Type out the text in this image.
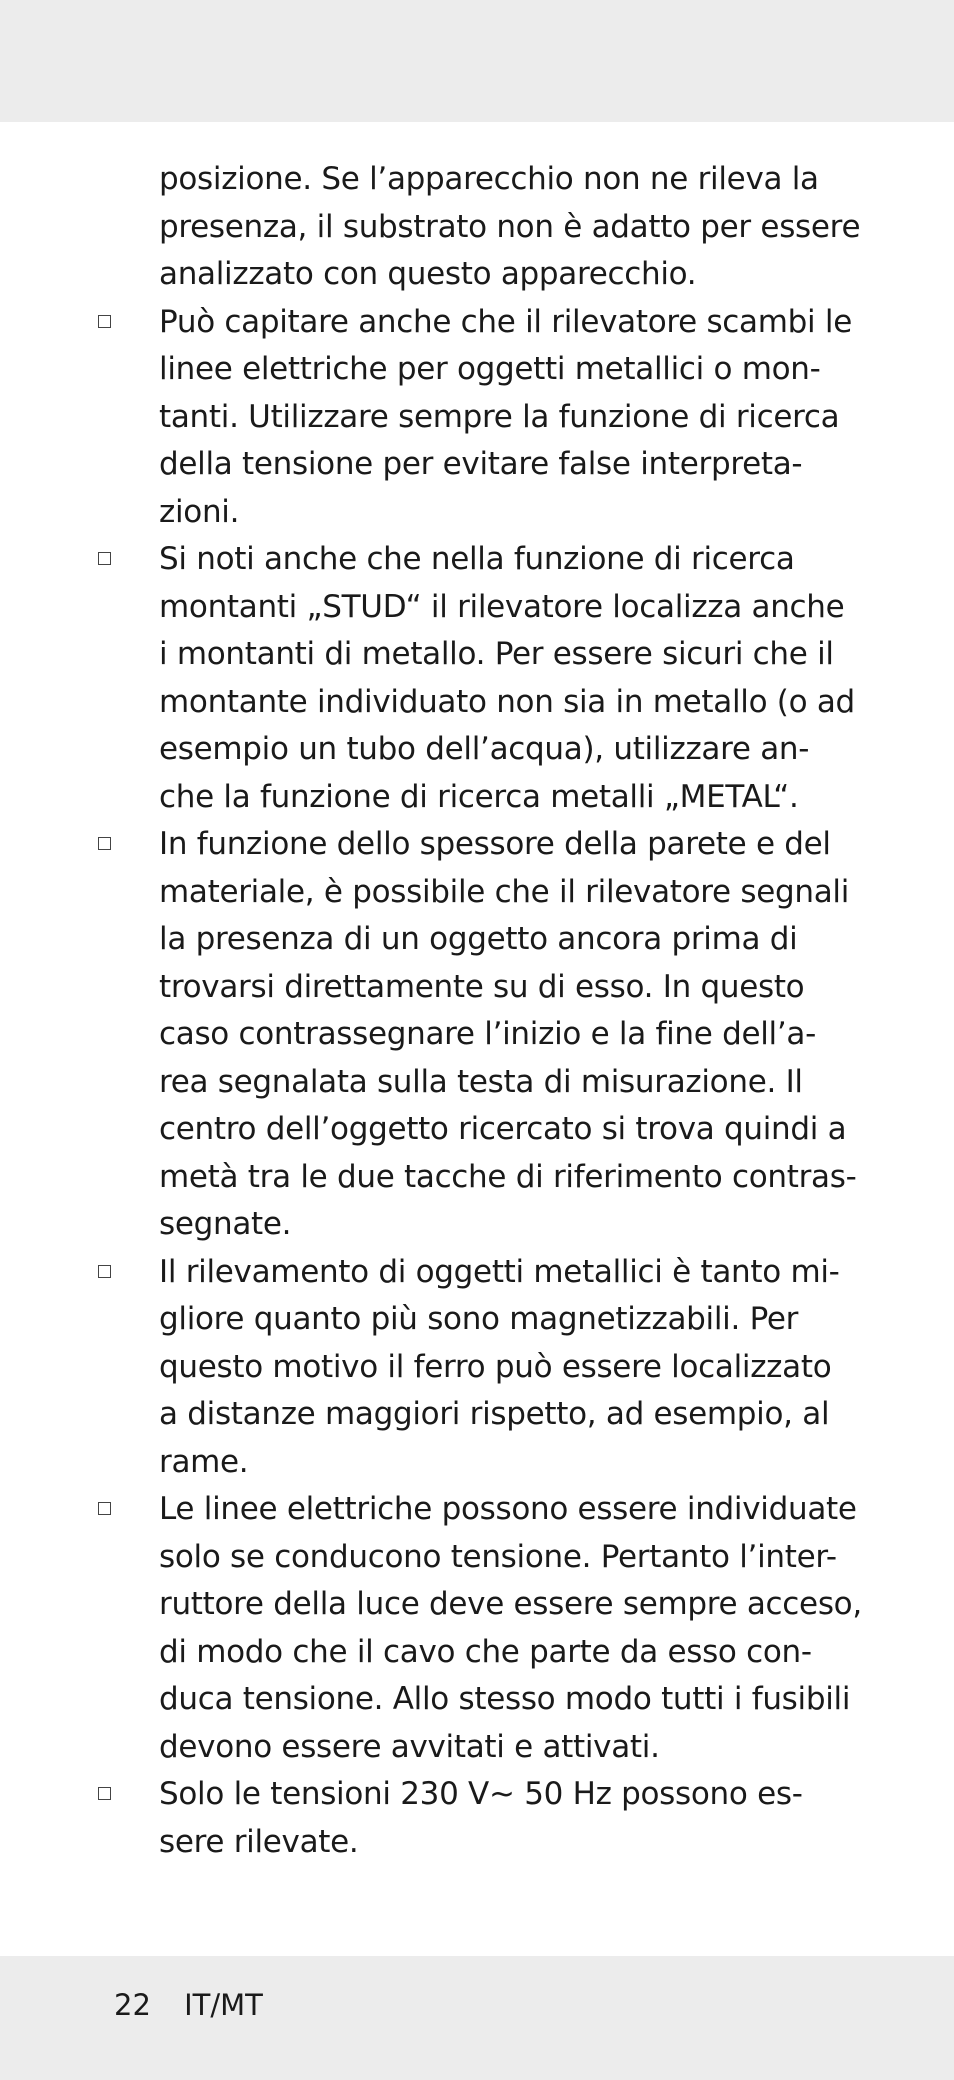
posizione. Se l’apparecchio non ne rileva la
presenza, il substrato non è adatto per essere
analizzato con questo apparecchio.
Può capitare anche che il rilevatore scambi le
linee elettriche per oggetti metallici o mon-
tanti. Utilizzare sempre la funzione di ricerca
della tensione per evitare false interpreta-
zioni.
Si noti anche che nella funzione di ricerca
montanti „STUD“ il rilevatore localizza anche
i montanti di metallo. Per essere sicuri che il
montante individuato non sia in metallo (o ad
esempio un tubo dell’acqua), utilizzare an-
che la funzione di ricerca metalli „METAL“.
In funzione dello spessore della parete e del
materiale, è possibile che il rilevatore segnali
la presenza di un oggetto ancora prima di
trovarsi direttamente su di esso. In questo
caso contrassegnare l’inizio e la fine dell’a-
rea segnalata sulla testa di misurazione. Il
centro dell’oggetto ricercato si trova quindi a
metà tra le due tacche di riferimento contras-
segnate.
Il rilevamento di oggetti metallici è tanto mi-
gliore quanto più sono magnetizzabili. Per
questo motivo il ferro può essere localizzato
a distanze maggiori rispetto, ad esempio, al
rame.
Le linee elettriche possono essere individuate
solo se conducono tensione. Pertanto l’inter-
ruttore della luce deve essere sempre acceso,
di modo che il cavo che parte da esso con-
duca tensione. Allo stesso modo tutti i fusibili
devono essere avvitati e attivati.
Solo le tensioni 230 V~ 50 Hz possono es-
sere rilevate.
22 IT/MT
